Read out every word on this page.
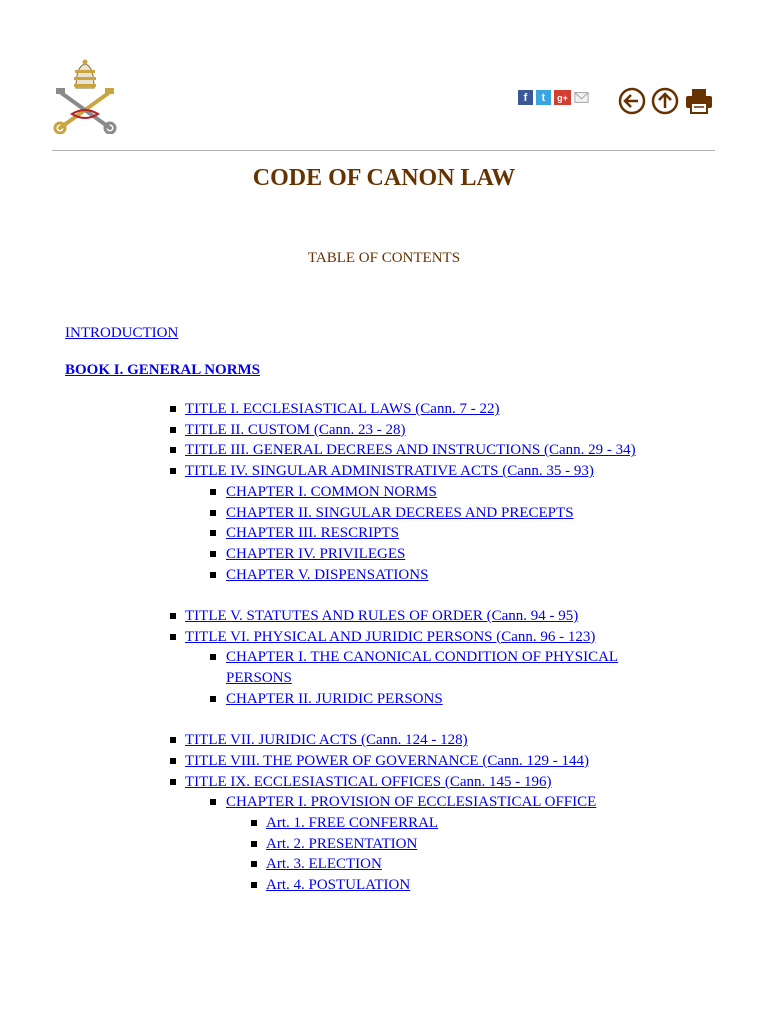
f	t	g+
CODE OF CANON LAW

TABLE OF CONTENTS

INTRODUCTION
BOOK I. GENERAL NORMS
TITLE I. ECCLESIASTICAL LAWS (Cann. 7 - 22)
TITLE II. CUSTOM (Cann. 23 - 28)
TITLE III. GENERAL DECREES AND INSTRUCTIONS (Cann. 29 - 34)
TITLE IV. SINGULAR ADMINISTRATIVE ACTS (Cann. 35 - 93)
CHAPTER I. COMMON NORMS
CHAPTER II. SINGULAR DECREES AND PRECEPTS
CHAPTER III. RESCRIPTS
CHAPTER IV. PRIVILEGES
CHAPTER V. DISPENSATIONS
TITLE V. STATUTES AND RULES OF ORDER (Cann. 94 - 95)
TITLE VI. PHYSICAL AND JURIDIC PERSONS (Cann. 96 - 123)
CHAPTER I. THE CANONICAL CONDITION OF PHYSICAL
PERSONS
CHAPTER II. JURIDIC PERSONS
TITLE VII. JURIDIC ACTS (Cann. 124 - 128)
TITLE VIII. THE POWER OF GOVERNANCE (Cann. 129 - 144)
TITLE IX. ECCLESIASTICAL OFFICES (Cann. 145 - 196)
CHAPTER I. PROVISION OF ECCLESIASTICAL OFFICE
Art. 1. FREE CONFERRAL
Art. 2. PRESENTATION
Art. 3. ELECTION
Art. 4. POSTULATION
